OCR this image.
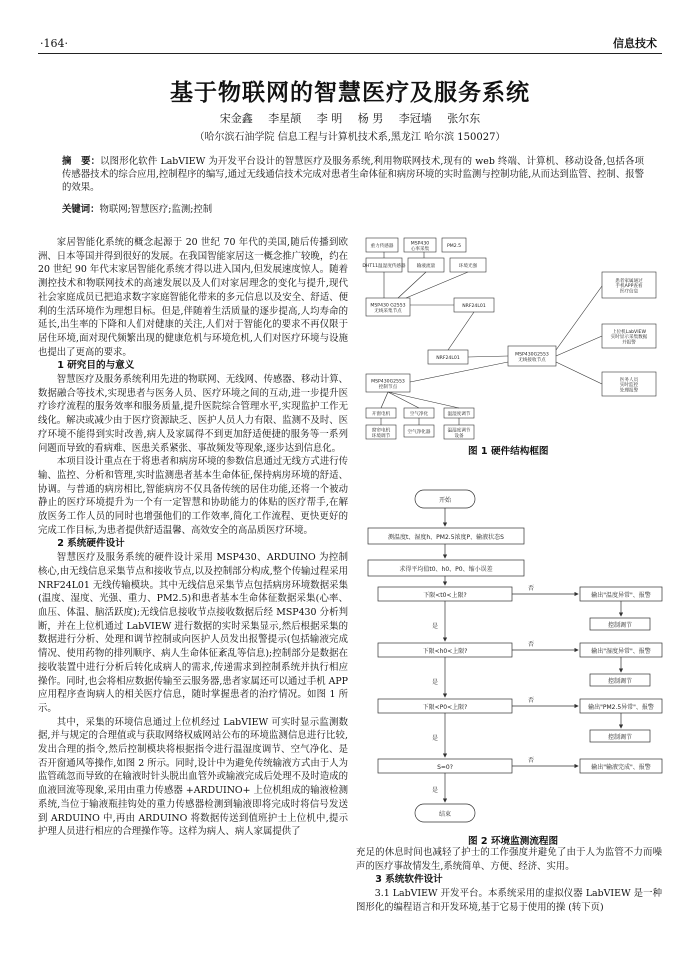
·164·	信息技术
基于物联网的智慧医疗及服务系统
宋金鑫 李星颉 李 明 杨 男 李冠墙 张尔东
（哈尔滨石油学院 信息工程与计算机技术系,黑龙江 哈尔滨 150027）
摘　要：以图形化软件 LabVIEW 为开发平台设计的智慧医疗及服务系统,利用物联网技术,现有的 web 终端、计算机、移动设备,包括各项传感器技术的综合应用,控制程序的编写,通过无线通信技术完成对患者生命体征和病房环境的实时监测与控制功能,从而达到监管、控制、报警的效果。
关键词：物联网;智慧医疗;监测;控制

家居智能化系统的概念起源于 20 世纪 70 年代的美国,随后传播到欧洲、日本等国并得到很好的发展。在我国智能家居这一概念推广较晚，约在 20 世纪 90 年代末家居智能化系统才得以进入国内,但发展速度惊人。随着测控技术和物联网技术的高速发展以及人们对家居理念的变化与提升,现代社会家庭成员已把追求数字家庭智能化带来的多元信息以及安全、舒适、便利的生活环境作为理想目标。但是,伴随着生活质量的逐步提高,人均寿命的延长,出生率的下降和人们对健康的关注,人们对于智能化的要求不再仅限于居住环境,面对现代频繁出现的健康危机与环境危机,人们对医疗环境与设施也提出了更高的要求。

1 研究目的与意义

智慧医疗及服务系统利用先进的物联网、无线网、传感器、移动计算、数据融合等技术,实现患者与医务人员、医疗环境之间的互动,进一步提升医疗诊疗流程的服务效率和服务质量,提升医院综合管理水平,实现监护工作无线化。解决或减少由于医疗资源缺乏、医护人员人力有限、监测不及时、医疗环境不能得到实时改善,病人及家属得不到更加舒适便捷的服务等一系列问题而导致的看病难、医患关系紧张、事故频发等现象,逐步达到信息化。

本项目设计重点在于将患者和病房环境的参数信息通过无线方式进行传输、监控、分析和管理,实时监测患者基本生命体征,保持病房环境的舒适、协调。与普通的病房相比,智能病房不仅具备传统的居住功能,还将一个被动静止的医疗环境提升为一个有一定智慧和协助能力的体贴的医疗帮手,在解放医务工作人员的同时也增强他们的工作效率,简化工作流程、更快更好的完成工作目标,为患者提供舒适温馨、高效安全的高品质医疗环境。

2 系统硬件设计

智慧医疗及服务系统的硬件设计采用 MSP430、ARDUINO 为控制核心,由无线信息采集节点和接收节点,以及控制部分构成,整个传输过程采用 NRF24L01 无线传输模块。其中无线信息采集节点包括病房环境数据采集(温度、湿度、光强、重力、PM2.5)和患者基本生命体征数据采集(心率、血压、体温、脑活跃度);无线信息接收节点接收数据后经 MSP430 分析判断，并在上位机通过 LabVIEW 进行数据的实时采集显示,然后根据采集的数据进行分析、处理和调节控制或向医护人员发出报警提示(包括输液完成情况、使用药物的排列顺序、病人生命体征紊乱等信息);控制部分是数据在接收装置中进行分析后转化成病人的需求,传递需求到控制系统并执行相应操作。同时,也会将相应数据传输至云服务器,患者家属还可以通过手机 APP 应用程序查询病人的相关医疗信息，随时掌握患者的治疗情况。如图 1 所示。

其中，采集的环境信息通过上位机经过 LabVIEW 可实时显示监测数据,并与规定的合理值或与获取网络权威网站公布的环境监测信息进行比较,发出合理的指令,然后控制模块将根据指令进行温湿度调节、空气净化、是否开窗通风等操作,如图 2 所示。同时,设计中为避免传统输液方式由于人为监管疏忽而导致的在输液时针头脱出血管外或输液完成后处理不及时造成的血液回流等现象,采用由重力传感器 +ARDUINO+ 上位机组成的输液检测系统,当位于输液瓶挂钩处的重力传感器检测到输液即将完成时将信号发送到 ARDUINO 中,再由 ARDUINO 将数据传送到值班护士上位机中,提示护理人员进行相应的合理操作等。这样为病人、病人家属提供了

重力传感器
MSP430 心率采集
PM2.5
DHT11温湿度传感器 输液流量	环境光强
MSP430 G2553 无线采集节点
NRF24L01
NRF24L01
MSP430G2553 无线接收节点
MSP430G2553 控制节点
患者家属通过手机APP查看医疗信息
上位机LabVIEW 实时显示采集数据并报警
医务人员实时监控处理报警
开窗电机	空气净化	温湿度调节
窗帘电机环境调节
空气净化器	温湿度调节设备
图 1 硬件结构框图
开始
测温度t、湿度h、PM2.5浓度P、输液状态S
求得平均值t0、h0、P0、缩小误差
下限<t0<上限?	输出"温度异常"、报警
控制调节
下限<h0<上限?	输出"湿度异常"、报警
控制调节
下限<P0<上限?	输出"PM2.5异常"、报警
控制调节
S=0?	输出"输液完成"、报警
结束
否
否
否
否
是
是
是
是
图 2 环境监测流程图

充足的休息时间也减轻了护士的工作强度并避免了由于人为监管不力而噪声的医疗事故情发生,系统简单、方便、经济、实用。

3 系统软件设计

3.1 LabVIEW 开发平台。本系统采用的虚拟仪器 LabVIEW 是一种图形化的编程语言和开发环境,基于它易于使用的操 (转下页)
